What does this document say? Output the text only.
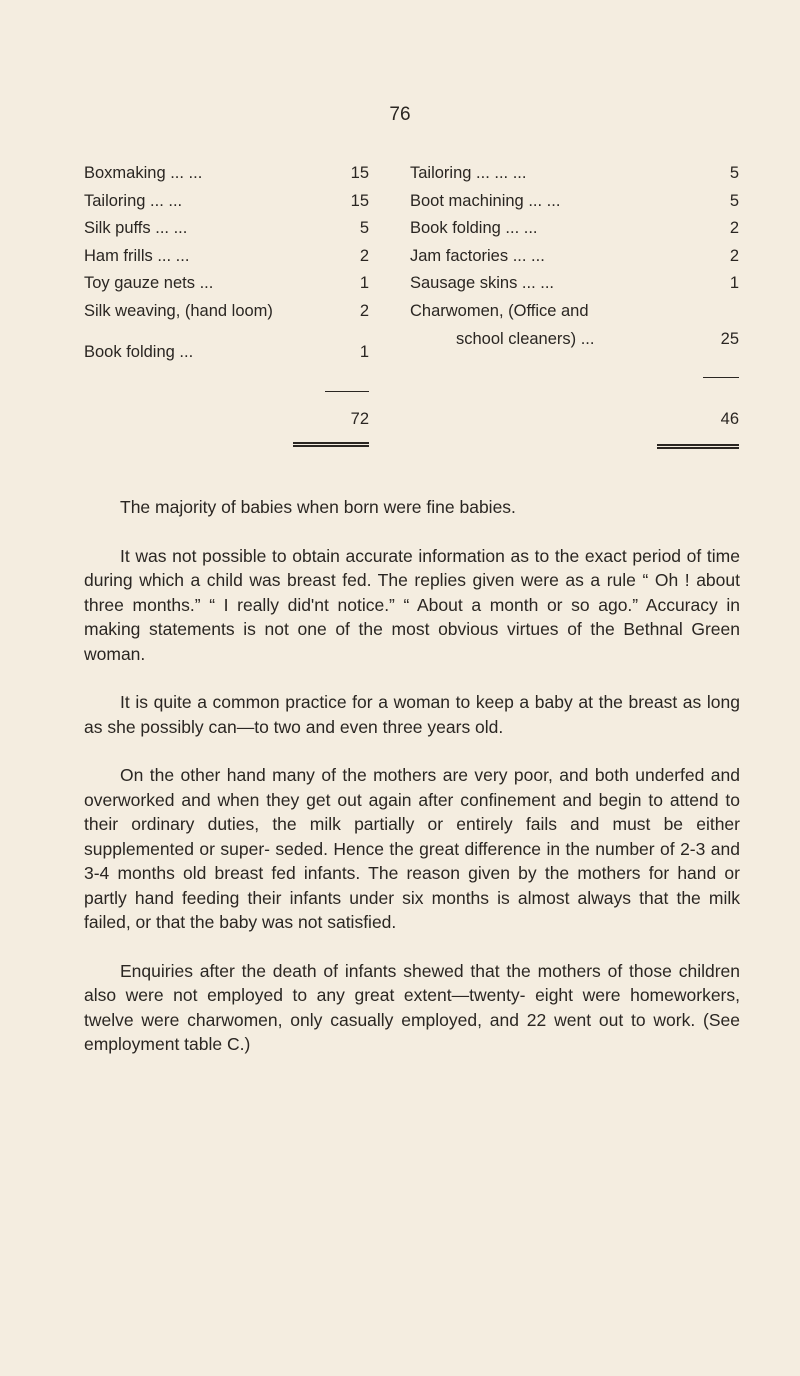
76
Boxmaking ... ...	15
Tailoring ... ...	15
Silk puffs ... ...	5
Ham frills ... ...	2
Toy gauze nets ...	1
Silk weaving, (hand loom)	2
Book folding ...	1
72
Tailoring ... ... ...	5
Boot machining ... ...	5
Book folding ... ...	2
Jam factories ... ...	2
Sausage skins ... ...	1
Charwomen, (Office and
school cleaners) ...	25
46

The majority of babies when born were fine babies.

It was not possible to obtain accurate information as to the exact period of time during which a child was breast fed. The replies given were as a rule “ Oh ! about three months.” “ I really did'nt notice.” “ About a month or so ago.” Accuracy in making statements is not one of the most obvious virtues of the Bethnal Green woman.

It is quite a common practice for a woman to keep a baby at the breast as long as she possibly can—to two and even three years old.

On the other hand many of the mothers are very poor, and both underfed and overworked and when they get out again after confinement and begin to attend to their ordinary duties, the milk partially or entirely fails and must be either supplemented or super- seded. Hence the great difference in the number of 2-3 and 3-4 months old breast fed infants. The reason given by the mothers for hand or partly hand feeding their infants under six months is almost always that the milk failed, or that the baby was not satisfied.

Enquiries after the death of infants shewed that the mothers of those children also were not employed to any great extent—twenty- eight were homeworkers, twelve were charwomen, only casually employed, and 22 went out to work. (See employment table C.)
